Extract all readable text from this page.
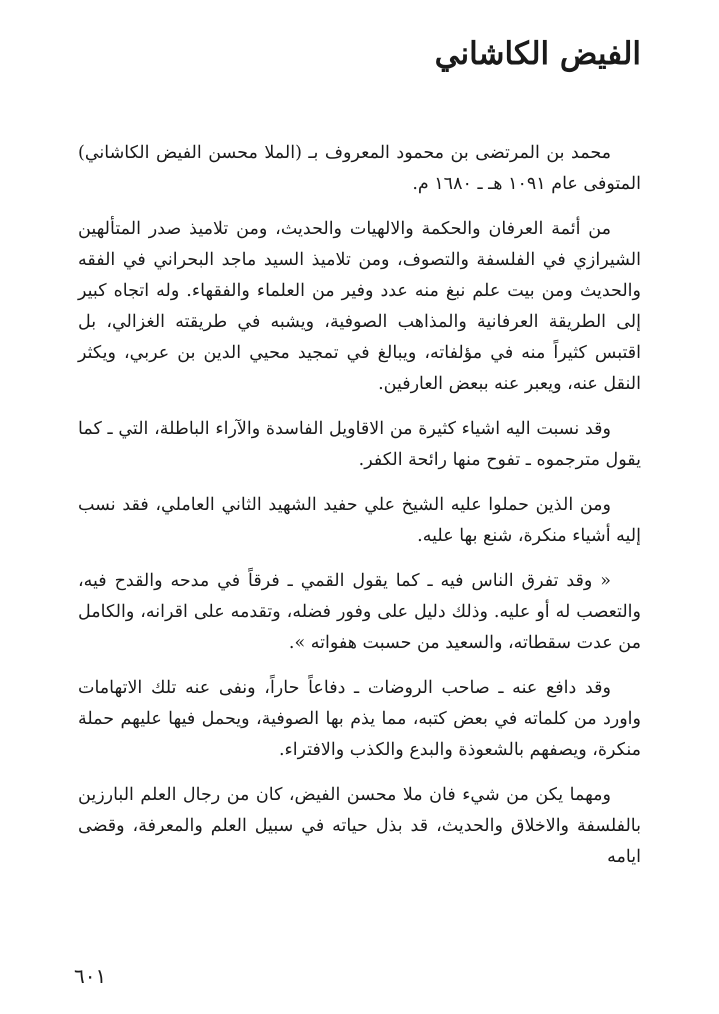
الفيض الكاشاني

محمد بن المرتضى بن محمود المعروف بـ (الملا محسن الفيض الكاشاني) المتوفى عام ١٠٩١ هـ ـ ١٦٨٠ م.

من أئمة العرفان والحكمة والالهيات والحديث، ومن تلاميذ صدر المتألهين الشيرازي في الفلسفة والتصوف، ومن تلاميذ السيد ماجد البحراني في الفقه والحديث ومن بيت علم نبغ منه عدد وفير من العلماء والفقهاء. وله اتجاه كبير إلى الطريقة العرفانية والمذاهب الصوفية، ويشبه في طريقته الغزالي، بل اقتبس كثيراً منه في مؤلفاته، ويبالغ في تمجيد محيي الدين بن عربي، ويكثر النقل عنه، ويعبر عنه ببعض العارفين.

وقد نسبت اليه اشياء كثيرة من الاقاويل الفاسدة والآراء الباطلة، التي ـ كما يقول مترجموه ـ تفوح منها رائحة الكفر.

ومن الذين حملوا عليه الشيخ علي حفيد الشهيد الثاني العاملي، فقد نسب إليه أشياء منكرة، شنع بها عليه.

« وقد تفرق الناس فيه ـ كما يقول القمي ـ فرقاً في مدحه والقدح فيه، والتعصب له أو عليه. وذلك دليل على وفور فضله، وتقدمه على اقرانه، والكامل من عدت سقطاته، والسعيد من حسبت هفواته ».

وقد دافع عنه ـ صاحب الروضات ـ دفاعاً حاراً، ونفى عنه تلك الاتهامات واورد من كلماته في بعض كتبه، مما يذم بها الصوفية، ويحمل فيها عليهم حملة منكرة، ويصفهم بالشعوذة والبدع والكذب والافتراء.

ومهما يكن من شيء فان ملا محسن الفيض، كان من رجال العلم البارزين بالفلسفة والاخلاق والحديث، قد بذل حياته في سبيل العلم والمعرفة، وقضى ايامه

٦٠١
